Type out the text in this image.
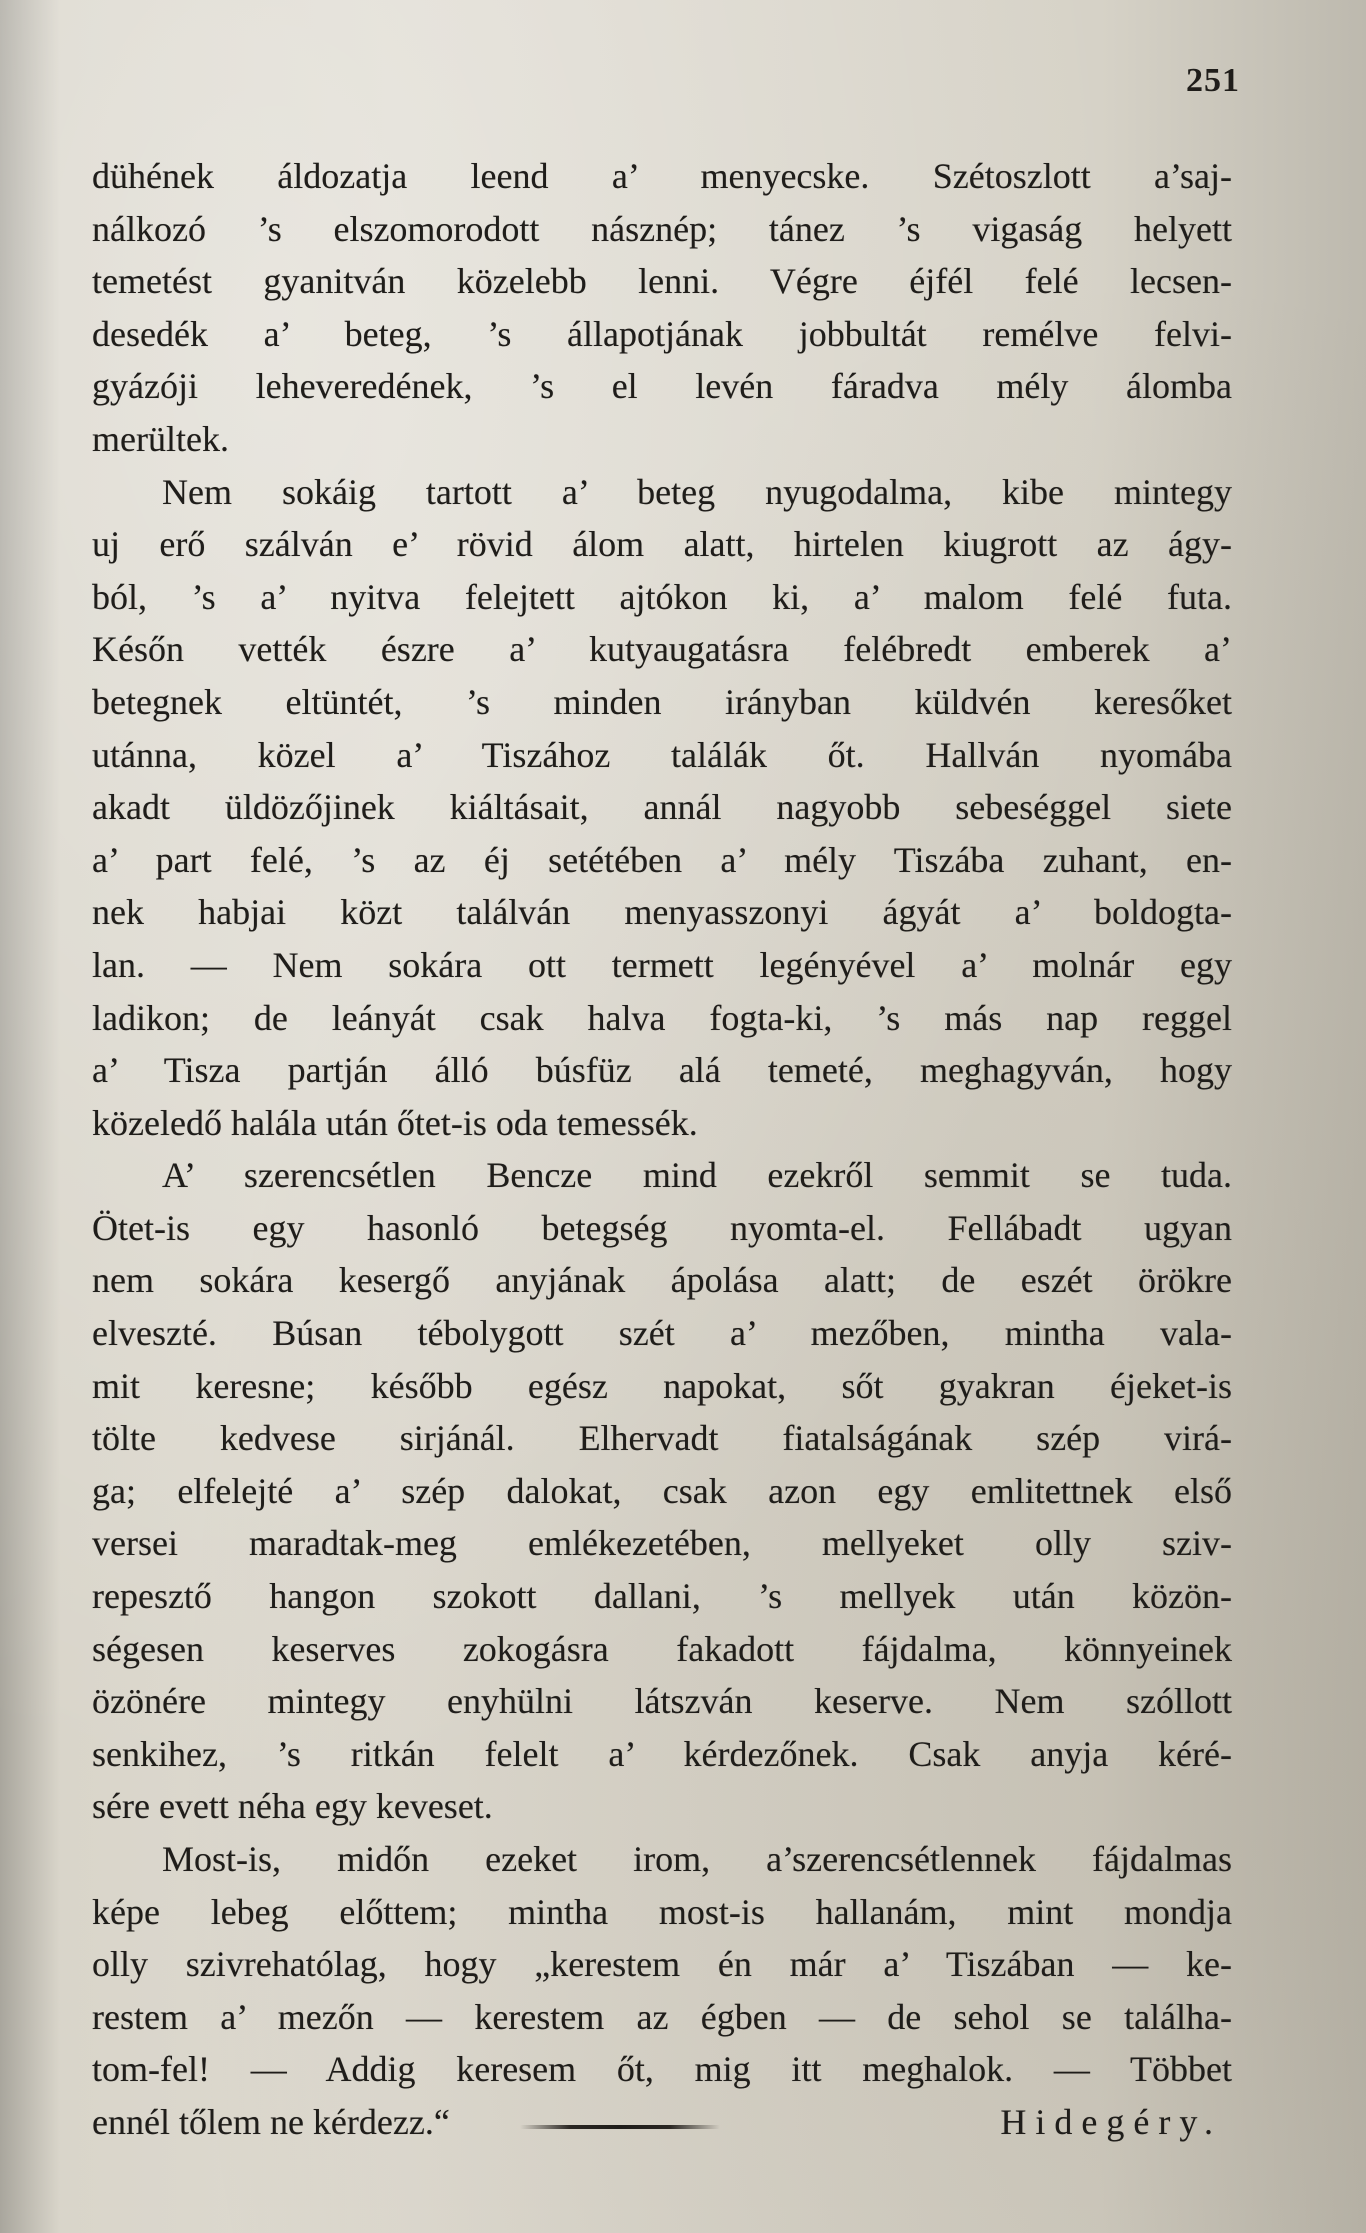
251
dühének áldozatja leend a’ menyecske. Szétoszlott a’saj-
nálkozó ’s elszomorodott násznép; tánez ’s vigaság helyett
temetést gyanitván közelebb lenni. Végre éjfél felé lecsen-
desedék a’ beteg, ’s állapotjának jobbultát remélve felvi-
gyázóji leheveredének, ’s el levén fáradva mély álomba
merültek.
Nem sokáig tartott a’ beteg nyugodalma, kibe mintegy
uj erő szálván e’ rövid álom alatt, hirtelen kiugrott az ágy-
ból, ’s a’ nyitva felejtett ajtókon ki, a’ malom felé futa.
Későn vették észre a’ kutyaugatásra felébredt emberek a’
betegnek eltüntét, ’s minden irányban küldvén keresőket
utánna, közel a’ Tiszához találák őt. Hallván nyomába
akadt üldözőjinek kiáltásait, annál nagyobb sebeséggel siete
a’ part felé, ’s az éj setétében a’ mély Tiszába zuhant, en-
nek habjai közt találván menyasszonyi ágyát a’ boldogta-
lan. — Nem sokára ott termett legényével a’ molnár egy
ladikon; de leányát csak halva fogta-ki, ’s más nap reggel
a’ Tisza partján álló búsfüz alá temeté, meghagyván, hogy
közeledő halála után őtet-is oda temessék.
A’ szerencsétlen Bencze mind ezekről semmit se tuda.
Ötet-is egy hasonló betegség nyomta-el. Fellábadt ugyan
nem sokára kesergő anyjának ápolása alatt; de eszét örökre
elveszté. Búsan tébolygott szét a’ mezőben, mintha vala-
mit keresne; később egész napokat, sőt gyakran éjeket-is
tölte kedvese sirjánál. Elhervadt fiatalságának szép virá-
ga; elfelejté a’ szép dalokat, csak azon egy emlitettnek első
versei maradtak-meg emlékezetében, mellyeket olly sziv-
repesztő hangon szokott dallani, ’s mellyek után közön-
ségesen keserves zokogásra fakadott fájdalma, könnyeinek
özönére mintegy enyhülni látszván keserve. Nem szóllott
senkihez, ’s ritkán felelt a’ kérdezőnek. Csak anyja kéré-
sére evett néha egy keveset.
Most-is, midőn ezeket irom, a’szerencsétlennek fájdalmas
képe lebeg előttem; mintha most-is hallanám, mint mondja
olly szivrehatólag, hogy „kerestem én már a’ Tiszában — ke-
restem a’ mezőn — kerestem az égben — de sehol se találha-
tom-fel! — Addig keresem őt, mig itt meghalok. — Többet
ennél tőlem ne kérdezz.“	Hidegéry.
